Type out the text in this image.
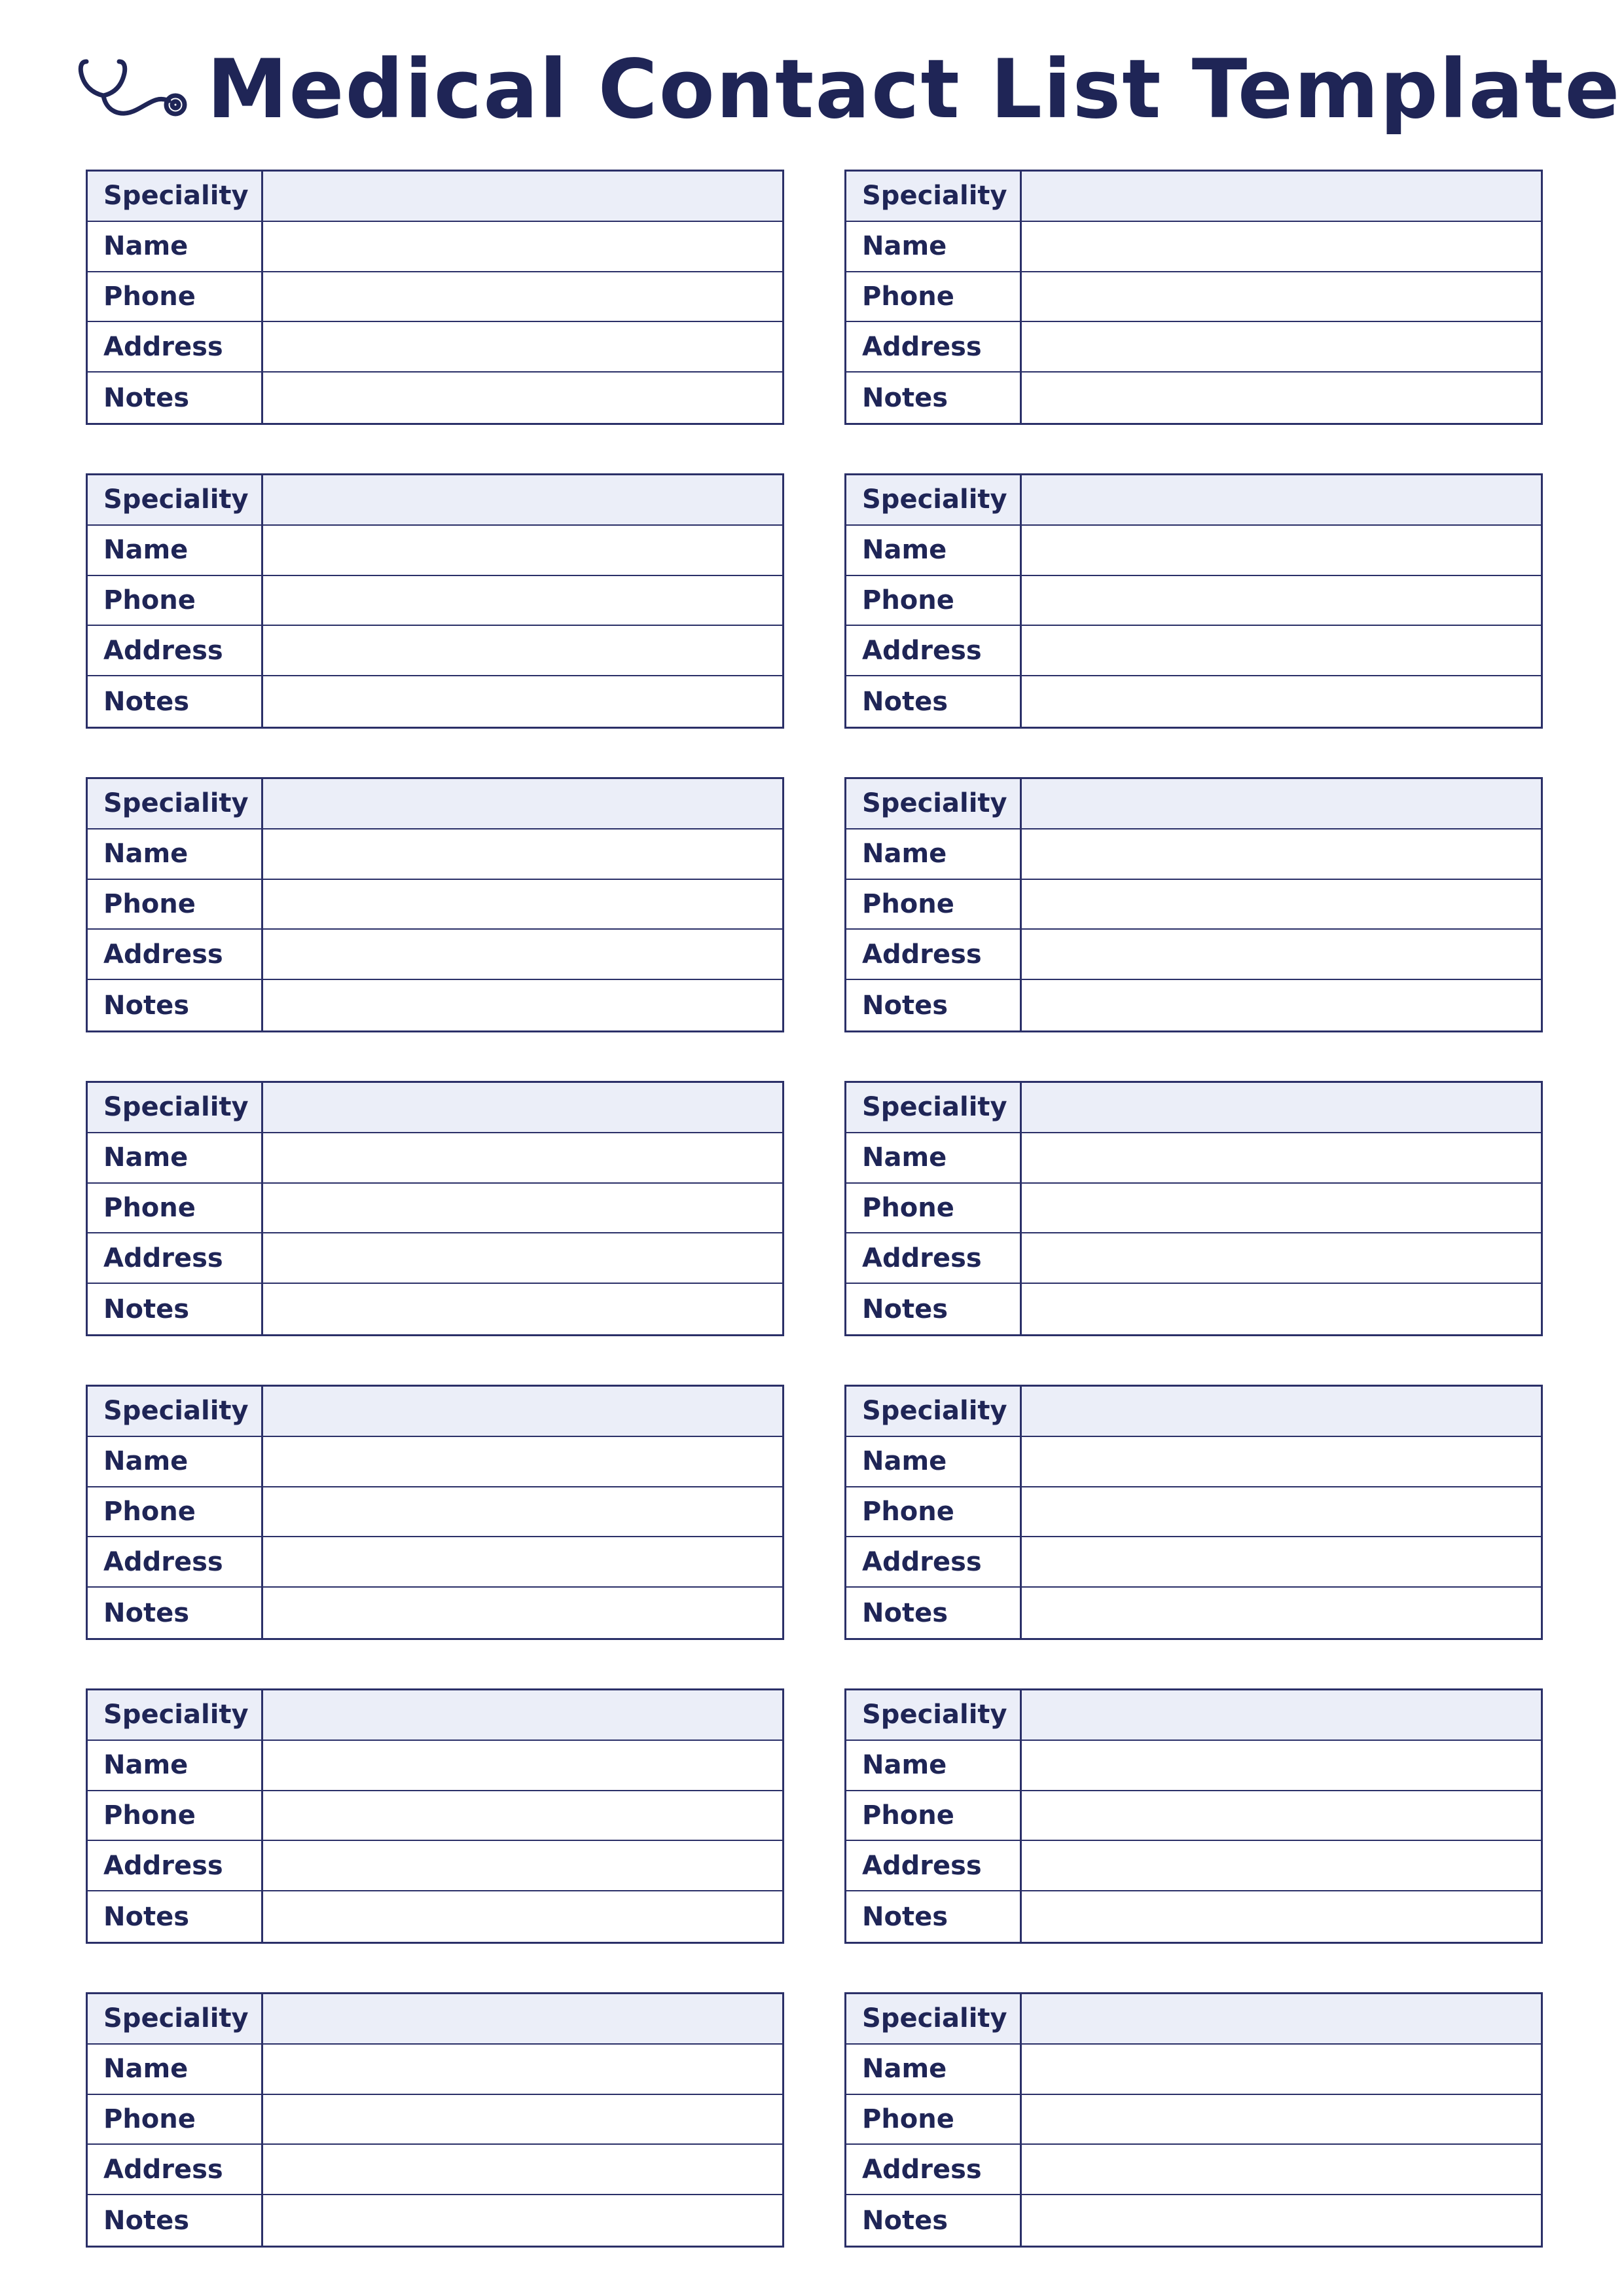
Medical Contact List Template
Speciality
Name
Phone
Address
Notes
Speciality
Name
Phone
Address
Notes
Speciality
Name
Phone
Address
Notes
Speciality
Name
Phone
Address
Notes
Speciality
Name
Phone
Address
Notes
Speciality
Name
Phone
Address
Notes
Speciality
Name
Phone
Address
Notes
Speciality
Name
Phone
Address
Notes
Speciality
Name
Phone
Address
Notes
Speciality
Name
Phone
Address
Notes
Speciality
Name
Phone
Address
Notes
Speciality
Name
Phone
Address
Notes
Speciality
Name
Phone
Address
Notes
Speciality
Name
Phone
Address
Notes
